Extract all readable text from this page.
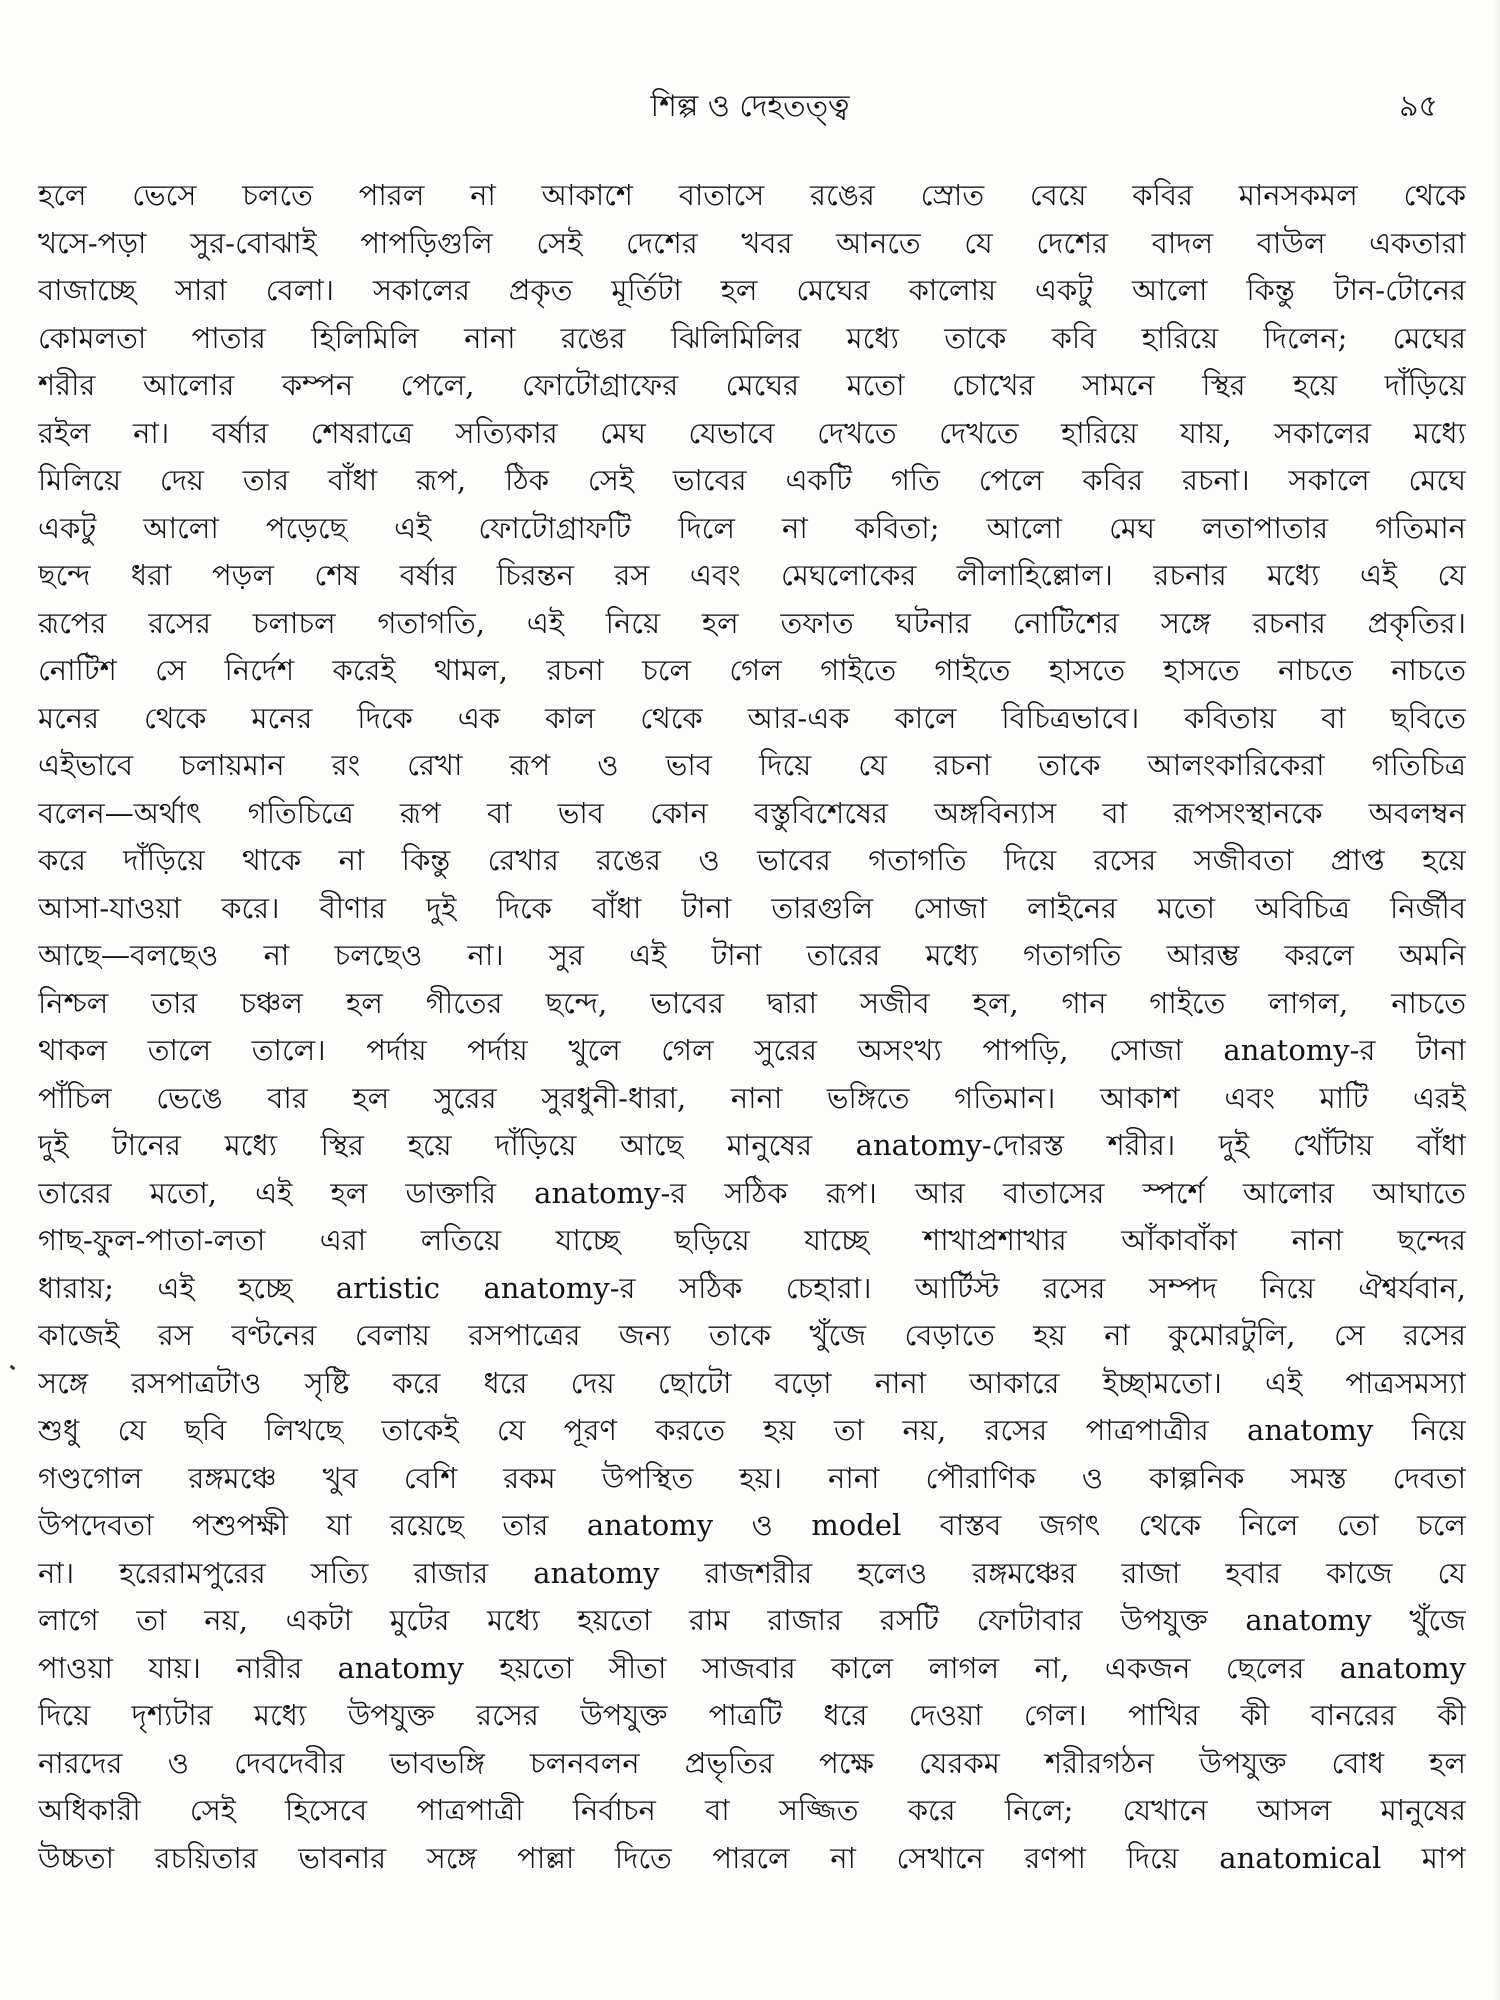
শিল্প ও দেহতত্ত্ব	৯৫
হলে ভেসে চলতে পারল না আকাশে বাতাসে রঙের স্রোত বেয়ে কবির মানসকমল থেকে
খসে-পড়া সুর-বোঝাই পাপড়িগুলি সেই দেশের খবর আনতে যে দেশের বাদল বাউল একতারা
বাজাচ্ছে সারা বেলা। সকালের প্রকৃত মূর্তিটা হল মেঘের কালোয় একটু আলো কিন্তু টান-টোনের
কোমলতা পাতার হিলিমিলি নানা রঙের ঝিলিমিলির মধ্যে তাকে কবি হারিয়ে দিলেন; মেঘের
শরীর আলোর কম্পন পেলে, ফোটোগ্রাফের মেঘের মতো চোখের সামনে স্থির হয়ে দাঁড়িয়ে
রইল না। বর্ষার শেষরাত্রে সত্যিকার মেঘ যেভাবে দেখতে দেখতে হারিয়ে যায়, সকালের মধ্যে
মিলিয়ে দেয় তার বাঁধা রূপ, ঠিক সেই ভাবের একটি গতি পেলে কবির রচনা। সকালে মেঘে
একটু আলো পড়েছে এই ফোটোগ্রাফটি দিলে না কবিতা; আলো মেঘ লতাপাতার গতিমান
ছন্দে ধরা পড়ল শেষ বর্ষার চিরন্তন রস এবং মেঘলোকের লীলাহিল্লোল। রচনার মধ্যে এই যে
রূপের রসের চলাচল গতাগতি, এই নিয়ে হল তফাত ঘটনার নোটিশের সঙ্গে রচনার প্রকৃতির।
নোটিশ সে নির্দেশ করেই থামল, রচনা চলে গেল গাইতে গাইতে হাসতে হাসতে নাচতে নাচতে
মনের থেকে মনের দিকে এক কাল থেকে আর-এক কালে বিচিত্রভাবে। কবিতায় বা ছবিতে
এইভাবে চলায়মান রং রেখা রূপ ও ভাব দিয়ে যে রচনা তাকে আলংকারিকেরা গতিচিত্র
বলেন—অর্থাৎ গতিচিত্রে রূপ বা ভাব কোন বস্তুবিশেষের অঙ্গবিন্যাস বা রূপসংস্থানকে অবলম্বন
করে দাঁড়িয়ে থাকে না কিন্তু রেখার রঙের ও ভাবের গতাগতি দিয়ে রসের সজীবতা প্রাপ্ত হয়ে
আসা-যাওয়া করে। বীণার দুই দিকে বাঁধা টানা তারগুলি সোজা লাইনের মতো অবিচিত্র নির্জীব
আছে—বলছেও না চলছেও না। সুর এই টানা তারের মধ্যে গতাগতি আরম্ভ করলে অমনি
নিশ্চল তার চঞ্চল হল গীতের ছন্দে, ভাবের দ্বারা সজীব হল, গান গাইতে লাগল, নাচতে
থাকল তালে তালে। পর্দায় পর্দায় খুলে গেল সুরের অসংখ্য পাপড়ি, সোজা anatomy-র টানা
পাঁচিল ভেঙে বার হল সুরের সুরধুনী-ধারা, নানা ভঙ্গিতে গতিমান। আকাশ এবং মাটি এরই
দুই টানের মধ্যে স্থির হয়ে দাঁড়িয়ে আছে মানুষের anatomy-দোরস্ত শরীর। দুই খোঁটায় বাঁধা
তারের মতো, এই হল ডাক্তারি anatomy-র সঠিক রূপ। আর বাতাসের স্পর্শে আলোর আঘাতে
গাছ-ফুল-পাতা-লতা এরা লতিয়ে যাচ্ছে ছড়িয়ে যাচ্ছে শাখাপ্রশাখার আঁকাবাঁকা নানা ছন্দের
ধারায়; এই হচ্ছে artistic anatomy-র সঠিক চেহারা। আর্টিস্ট রসের সম্পদ নিয়ে ঐশ্বর্যবান,
কাজেই রস বণ্টনের বেলায় রসপাত্রের জন্য তাকে খুঁজে বেড়াতে হয় না কুমোরটুলি, সে রসের
সঙ্গে রসপাত্রটাও সৃষ্টি করে ধরে দেয় ছোটো বড়ো নানা আকারে ইচ্ছামতো। এই পাত্রসমস্যা
শুধু যে ছবি লিখছে তাকেই যে পূরণ করতে হয় তা নয়, রসের পাত্রপাত্রীর anatomy নিয়ে
গণ্ডগোল রঙ্গমঞ্চে খুব বেশি রকম উপস্থিত হয়। নানা পৌরাণিক ও কাল্পনিক সমস্ত দেবতা
উপদেবতা পশুপক্ষী যা রয়েছে তার anatomy ও model বাস্তব জগৎ থেকে নিলে তো চলে
না। হরেরামপুরের সত্যি রাজার anatomy রাজশরীর হলেও রঙ্গমঞ্চের রাজা হবার কাজে যে
লাগে তা নয়, একটা মুটের মধ্যে হয়তো রাম রাজার রসটি ফোটাবার উপযুক্ত anatomy খুঁজে
পাওয়া যায়। নারীর anatomy হয়তো সীতা সাজবার কালে লাগল না, একজন ছেলের anatomy
দিয়ে দৃশ্যটার মধ্যে উপযুক্ত রসের উপযুক্ত পাত্রটি ধরে দেওয়া গেল। পাখির কী বানরের কী
নারদের ও দেবদেবীর ভাবভঙ্গি চলনবলন প্রভৃতির পক্ষে যেরকম শরীরগঠন উপযুক্ত বোধ হল
অধিকারী সেই হিসেবে পাত্রপাত্রী নির্বাচন বা সজ্জিত করে নিলে; যেখানে আসল মানুষের
উচ্চতা রচয়িতার ভাবনার সঙ্গে পাল্লা দিতে পারলে না সেখানে রণপা দিয়ে anatomical মাপ
